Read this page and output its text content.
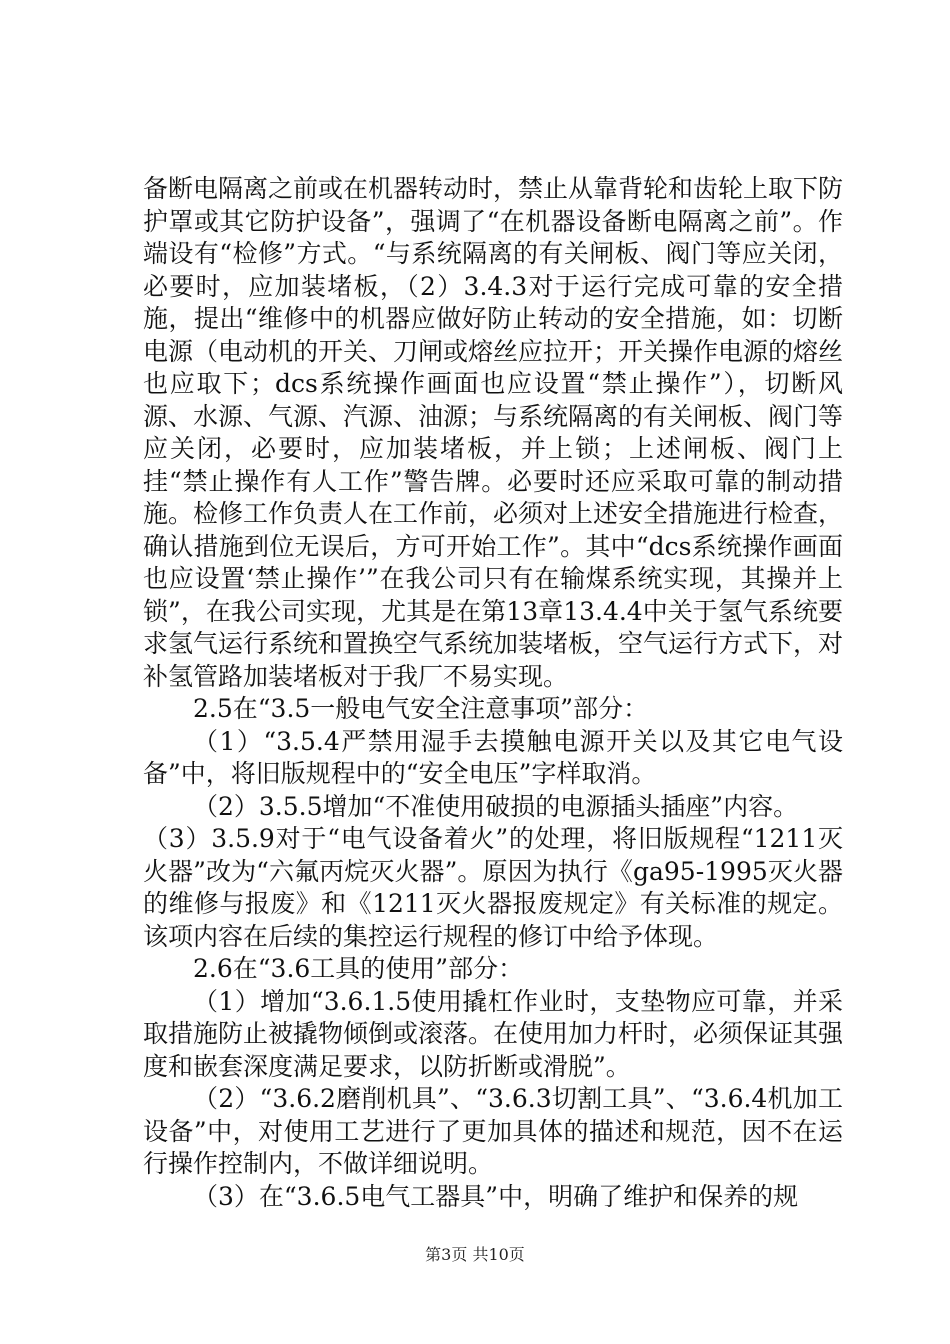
备断电隔离之前或在机器转动时，禁止从靠背轮和齿轮上取下防护罩或其它防护设备”，强调了“在机器设备断电隔离之前”。作端设有“检修”方式。“与系统隔离的有关闸板、阀门等应关闭，必要时，应加装堵板，（2）3.4.3对于运行完成可靠的安全措施，提出“维修中的机器应做好防止转动的安全措施，如：切断电源（电动机的开关、刀闸或熔丝应拉开；开关操作电源的熔丝也应取下；dcs系统操作画面也应设置“禁止操作”），切断风源、水源、气源、汽源、油源；与系统隔离的有关闸板、阀门等应关闭，必要时，应加装堵板，并上锁；上述闸板、阀门上挂“禁止操作有人工作”警告牌。必要时还应采取可靠的制动措施。检修工作负责人在工作前，必须对上述安全措施进行检查，确认措施到位无误后，方可开始工作”。其中“dcs系统操作画面也应设置‘禁止操作’”在我公司只有在输煤系统实现，其操并上锁”，在我公司实现，尤其是在第13章13.4.4中关于氢气系统要求氢气运行系统和置换空气系统加装堵板，空气运行方式下，对补氢管路加装堵板对于我厂不易实现。

2.5在“3.5一般电气安全注意事项”部分：

（1）“3.5.4严禁用湿手去摸触电源开关以及其它电气设备”中，将旧版规程中的“安全电压”字样取消。

（2）3.5.5增加“不准使用破损的电源插头插座”内容。

（3）3.5.9对于“电气设备着火”的处理，将旧版规程“1211灭火器”改为“六氟丙烷灭火器”。原因为执行《ga95-1995灭火器的维修与报废》和《1211灭火器报废规定》有关标准的规定。该项内容在后续的集控运行规程的修订中给予体现。

2.6在“3.6工具的使用”部分：

（1）增加“3.6.1.5使用撬杠作业时，支垫物应可靠，并采取措施防止被撬物倾倒或滚落。在使用加力杆时，必须保证其强度和嵌套深度满足要求，以防折断或滑脱”。

（2）“3.6.2磨削机具”、“3.6.3切割工具”、“3.6.4机加工设备”中，对使用工艺进行了更加具体的描述和规范，因不在运行操作控制内，不做详细说明。

（3）在“3.6.5电气工器具”中，明确了维护和保养的规

第3页 共10页
